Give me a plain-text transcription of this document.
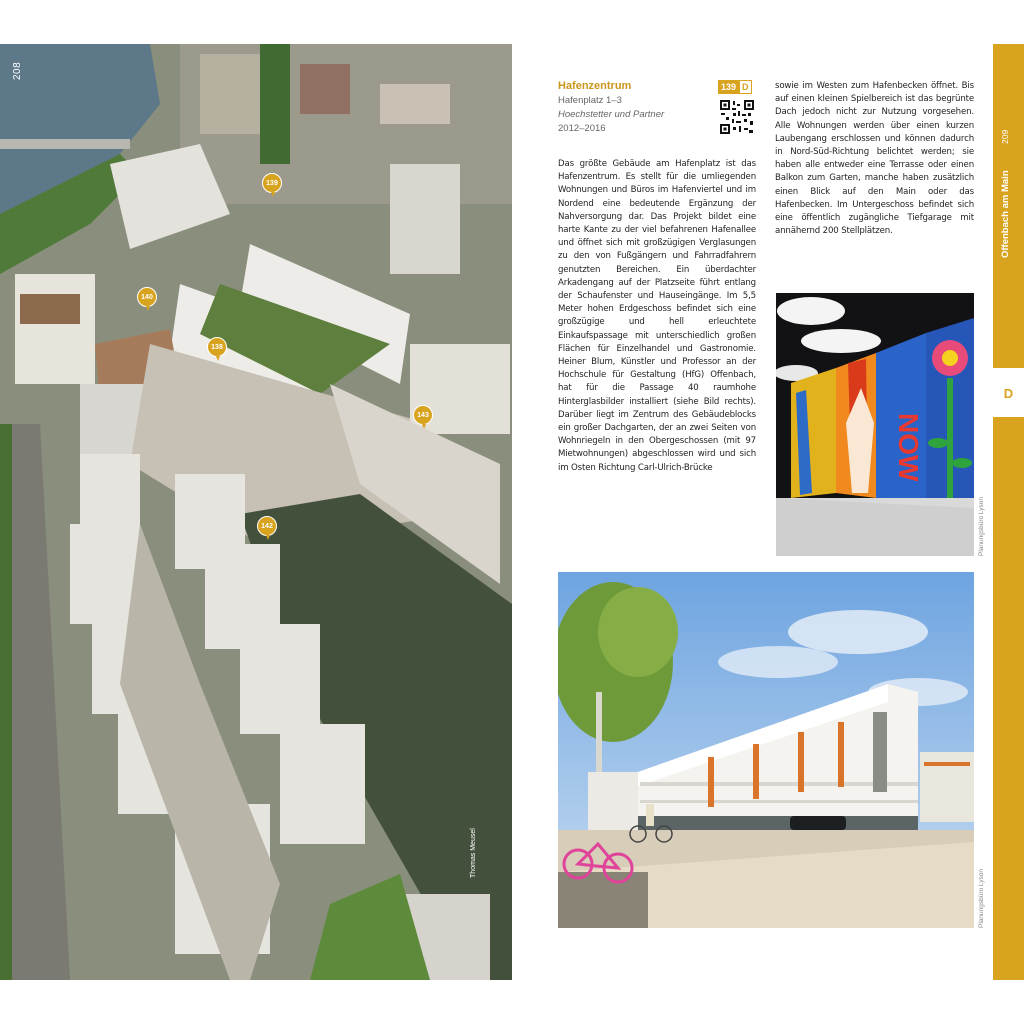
208
139
140
138
143
142
Thomas Meusel
Hafenzentrum
Hafenplatz 1–3
Hoechstetter und Partner
2012–2016
139 D
Das größte Gebäude am Hafenplatz ist das Hafenzentrum. Es stellt für die umliegenden Wohnungen und Büros im Hafenviertel und im Nordend eine bedeutende Ergänzung der Nahversorgung dar. Das Projekt bildet eine harte Kante zu der viel befahrenen Hafenallee und öffnet sich mit großzügigen Verglasungen zu den von Fußgängern und Fahrradfahrern genutzten Bereichen. Ein überdachter Arkadengang auf der Platzseite führt entlang der Schaufenster und Hauseingänge. Im 5,5 Meter hohen Erdgeschoss befindet sich eine großzügige und hell erleuchtete Einkaufspassage mit unterschiedlich großen Flächen für Einzelhandel und Gastronomie. Heiner Blum, Künstler und Professor an der Hochschule für Gestaltung (HfG) Offenbach, hat für die Passage 40 raumhohe Hinterglasbilder installiert (siehe Bild rechts). Darüber liegt im Zentrum des Gebäudeblocks ein großer Dachgarten, der an zwei Seiten von Wohnriegeln in den Obergeschossen (mit 97 Mietwohnungen) abgeschlossen wird und sich im Osten Richtung Carl-Ulrich-Brücke
sowie im Westen zum Hafenbecken öffnet. Bis auf einen kleinen Spielbereich ist das begrünte Dach jedoch nicht zur Nutzung vorgesehen. Alle Wohnungen werden über einen kurzen Laubengang erschlossen und können dadurch in Nord-Süd-Richtung belichtet werden; sie haben alle entweder eine Terrasse oder einen Balkon zum Garten, manche haben zusätzlich einen Blick auf den Main oder das Hafenbecken. Im Untergeschoss befindet sich eine öffentlich zugängliche Tiefgarage mit annähernd 200 Stellplätzen.
NOW
Planungsbüro Lyson
Planungsbüro Lyson
209
Offenbach am Main
D
